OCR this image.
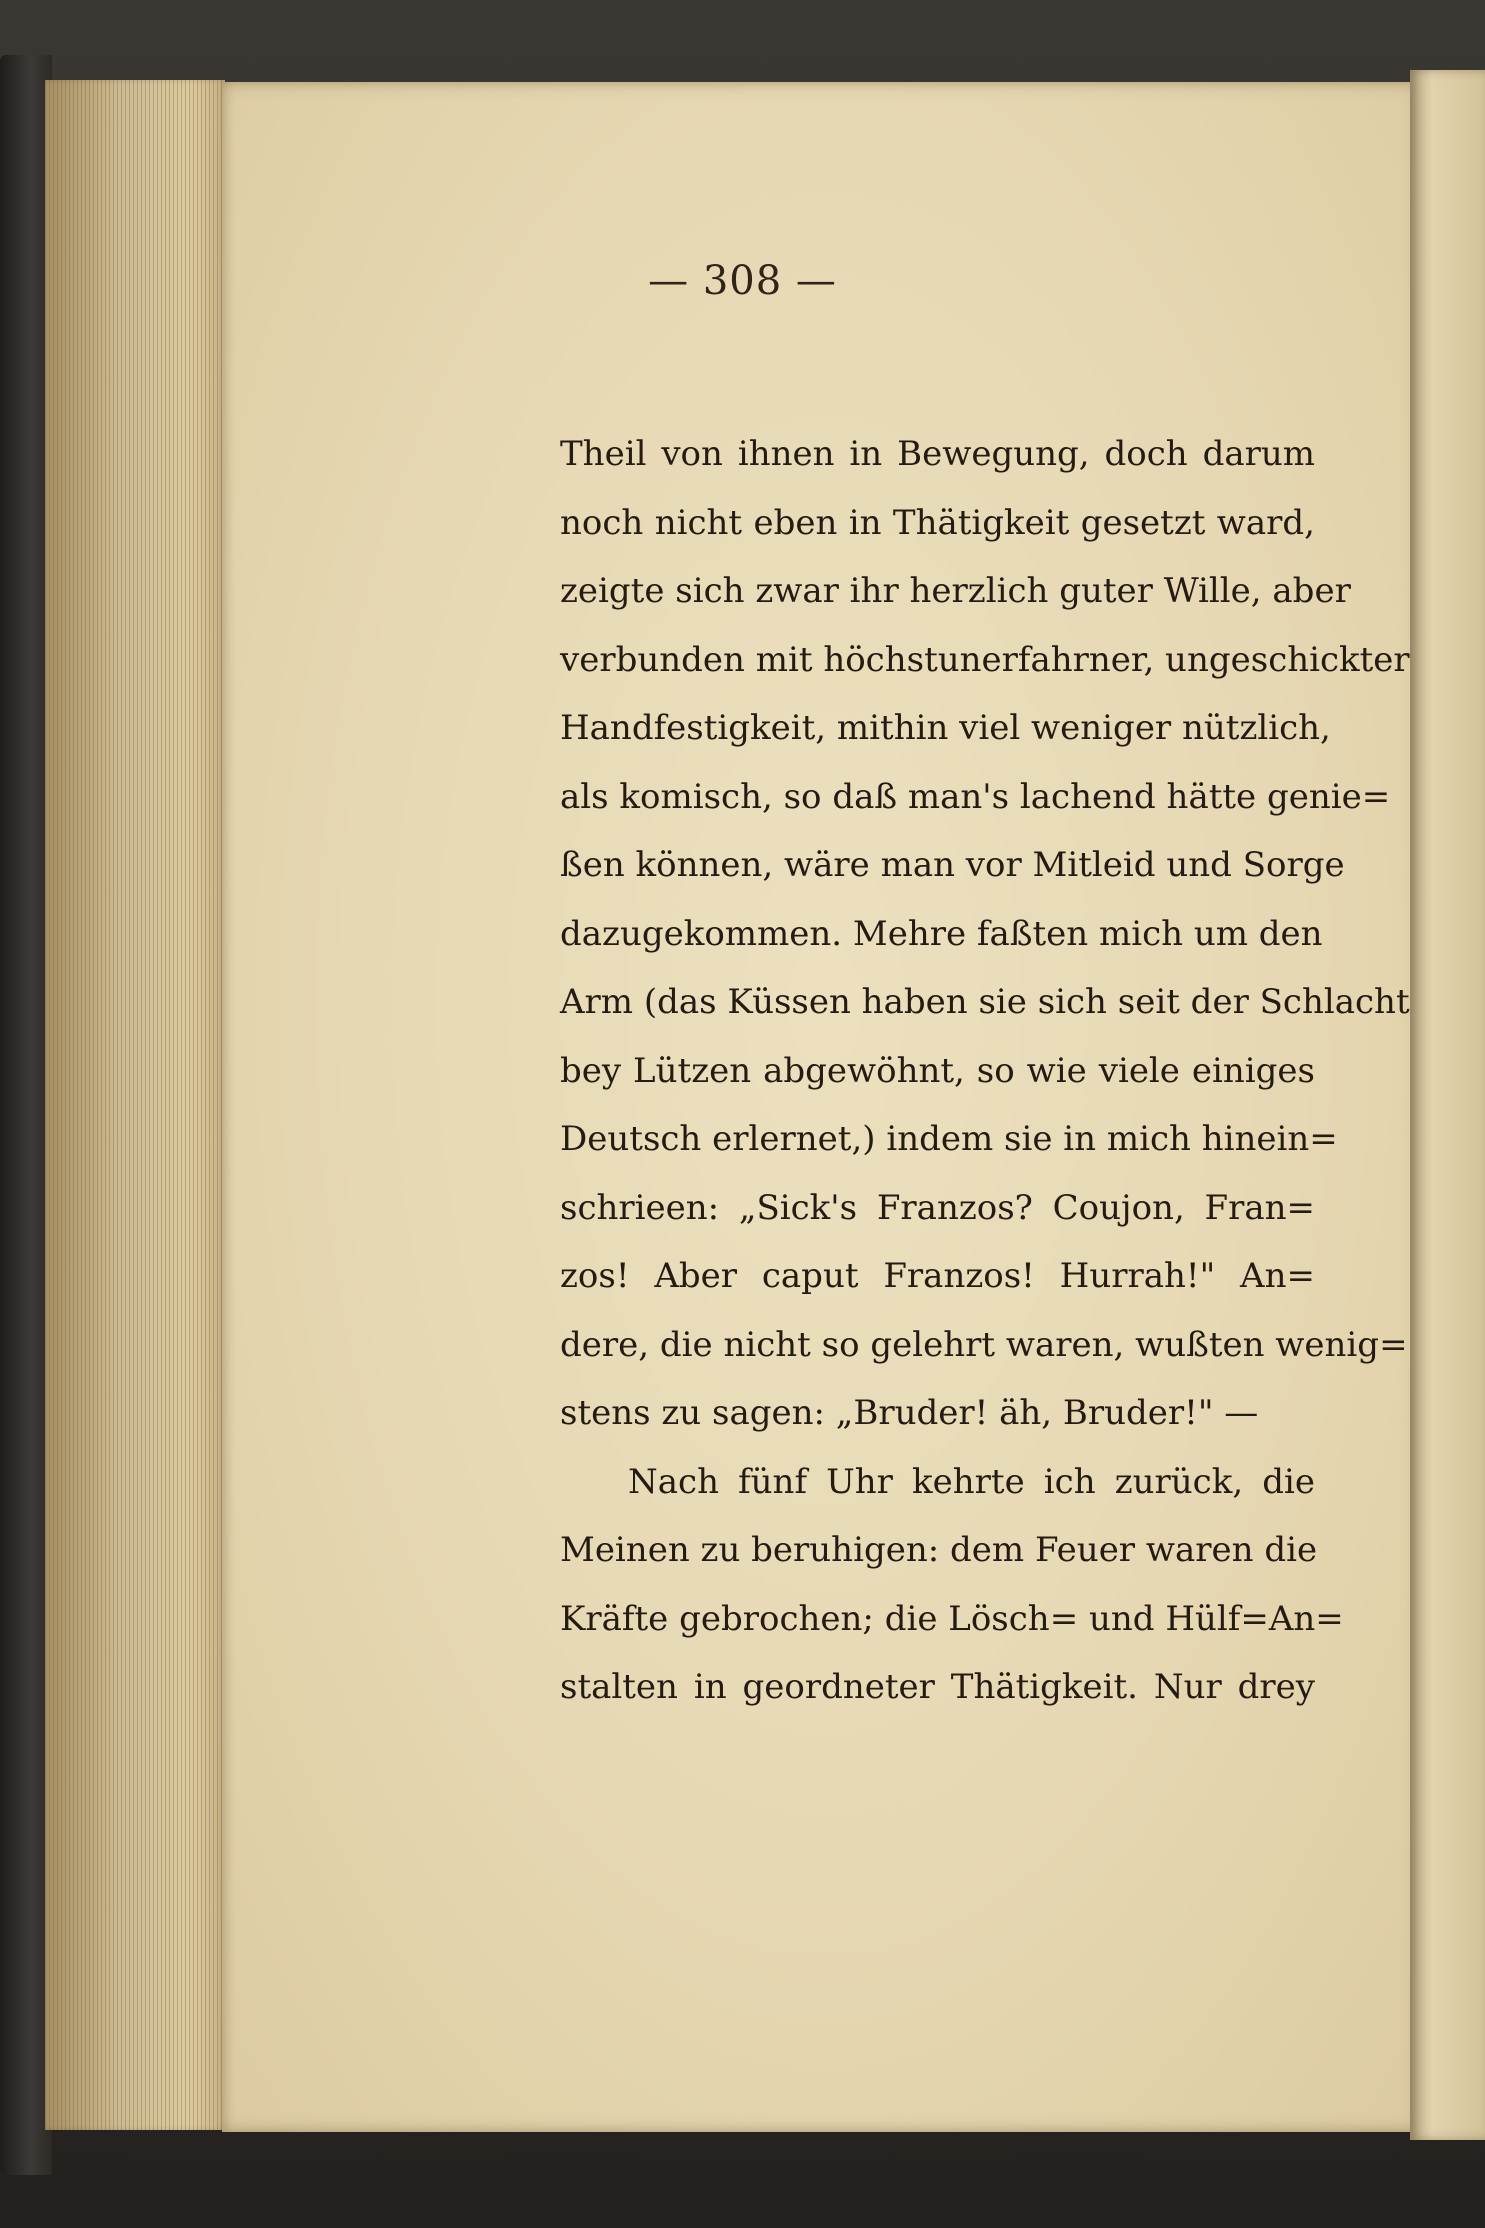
— 308 —
Theil von ihnen in Bewegung, doch darum
noch nicht eben in Thätigkeit gesetzt ward,
zeigte sich zwar ihr herzlich guter Wille, aber
verbunden mit höchstunerfahrner, ungeschickter
Handfestigkeit, mithin viel weniger nützlich,
als komisch, so daß man's lachend hätte genie=
ßen können, wäre man vor Mitleid und Sorge
dazugekommen. Mehre faßten mich um den
Arm (das Küssen haben sie sich seit der Schlacht
bey Lützen abgewöhnt, so wie viele einiges
Deutsch erlernet,) indem sie in mich hinein=
schrieen: „Sick's Franzos? Coujon, Fran=
zos! Aber caput Franzos! Hurrah!" An=
dere, die nicht so gelehrt waren, wußten wenig=
stens zu sagen: „Bruder! äh, Bruder!" —
Nach fünf Uhr kehrte ich zurück, die
Meinen zu beruhigen: dem Feuer waren die
Kräfte gebrochen; die Lösch= und Hülf=An=
stalten in geordneter Thätigkeit. Nur drey
